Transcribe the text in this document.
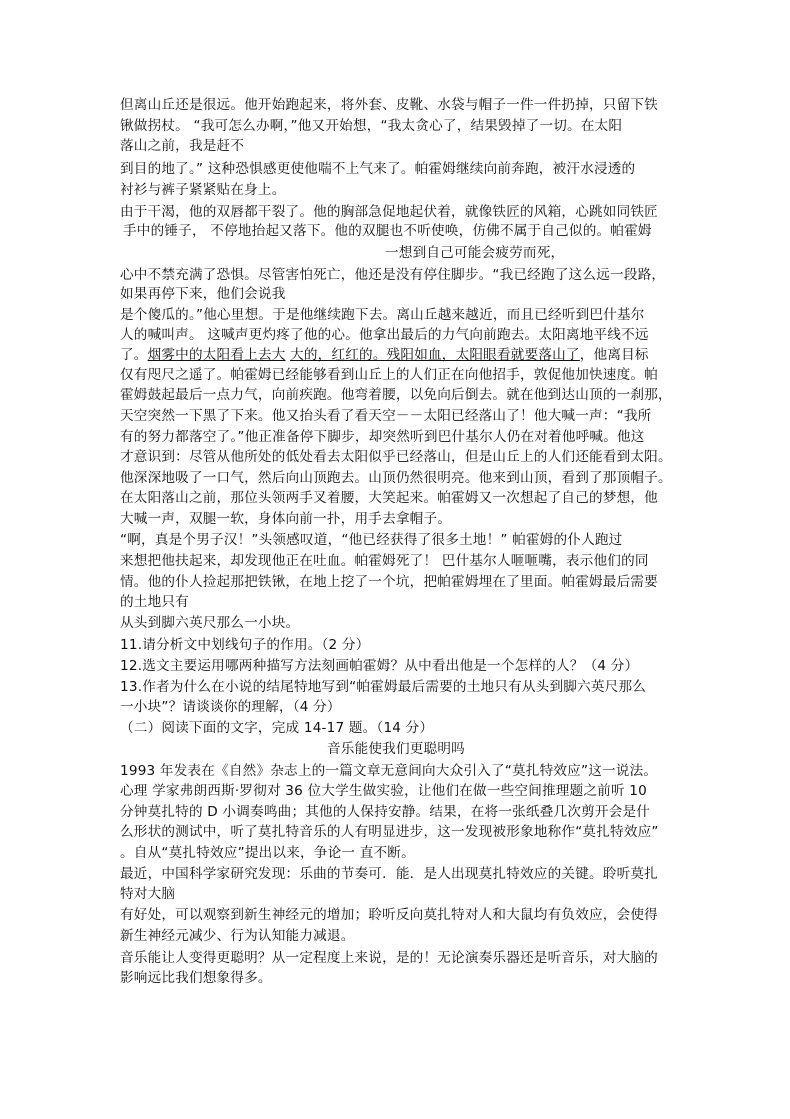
但离山丘还是很远。他开始跑起来，将外套、皮靴、水袋与帽子一件一件扔掉，只留下铁
锹做拐杖。 “我可怎么办啊，”他又开始想，“我太贪心了，结果毁掉了一切。在太阳
落山之前，我是赶不
到目的地了。” 这种恐惧感更使他喘不上气来了。帕霍姆继续向前奔跑，被汗水浸透的
衬衫与裤子紧紧贴在身上。
由于干渴，他的双唇都干裂了。他的胸部急促地起伏着，就像铁匠的风箱，心跳如同铁匠
手中的锤子， 不停地抬起又落下。他的双腿也不听使唤，仿佛不属于自己似的。帕霍姆
一想到自己可能会疲劳而死，
心中不禁充满了恐惧。尽管害怕死亡，他还是没有停住脚步。“我已经跑了这么远一段路，
如果再停下来，他们会说我
是个傻瓜的。”他心里想。于是他继续跑下去。离山丘越来越近，而且已经听到巴什基尔
人的喊叫声。 这喊声更灼疼了他的心。他拿出最后的力气向前跑去。太阳离地平线不远
了。烟雾中的太阳看上去大 大的，红红的。残阳如血，太阳眼看就要落山了，他离目标
仅有咫尺之遥了。帕霍姆已经能够看到山丘上的人们正在向他招手，敦促他加快速度。帕
霍姆鼓起最后一点力气，向前疾跑。他弯着腰，以免向后倒去。就在他到达山顶的一刹那，
天空突然一下黑了下来。他又抬头看了看天空－－太阳已经落山了！他大喊一声：“我所
有的努力都落空了。”他正准备停下脚步，却突然听到巴什基尔人仍在对着他呼喊。他这
才意识到：尽管从他所处的低处看去太阳似乎已经落山，但是山丘上的人们还能看到太阳。
他深深地吸了一口气，然后向山顶跑去。山顶仍然很明亮。他来到山顶，看到了那顶帽子。
在太阳落山之前，那位头领两手叉着腰，大笑起来。帕霍姆又一次想起了自己的梦想，他
大喊一声，双腿一软，身体向前一扑，用手去拿帽子。
“啊，真是个男子汉！”头领感叹道，“他已经获得了很多土地！” 帕霍姆的仆人跑过
来想把他扶起来，却发现他正在吐血。帕霍姆死了！ 巴什基尔人咂咂嘴，表示他们的同
情。他的仆人捡起那把铁锹，在地上挖了一个坑，把帕霍姆埋在了里面。帕霍姆最后需要
的土地只有
从头到脚六英尺那么一小块。
11.请分析文中划线句子的作用。（2 分）
12.选文主要运用哪两种描写方法刻画帕霍姆？从中看出他是一个怎样的人？（4 分）
13.作者为什么在小说的结尾特地写到“帕霍姆最后需要的土地只有从头到脚六英尺那么
一小块”？请谈谈你的理解，（4 分）
（二）阅读下面的文字，完成 14-17 题。（14 分）
音乐能使我们更聪明吗
1993 年发表在《自然》杂志上的一篇文章无意间向大众引入了“莫扎特效应”这一说法。
心理 学家弗朗西斯·罗彻对 36 位大学生做实验，让他们在做一些空间推理题之前听 10
分钟莫扎特的 D 小调奏鸣曲；其他的人保持安静。结果，在将一张纸叠几次剪开会是什
么形状的测试中，听了莫扎特音乐的人有明显进步，这一发现被形象地称作“莫扎特效应”
。自从“莫扎特效应”提出以来，争论一 直不断。
最近，中国科学家研究发现：乐曲的节奏可．能．是人出现莫扎特效应的关键。聆听莫扎
特对大脑
有好处，可以观察到新生神经元的增加；聆听反向莫扎特对人和大鼠均有负效应，会使得
新生神经元减少、行为认知能力减退。
音乐能让人变得更聪明？从一定程度上来说，是的！无论演奏乐器还是听音乐，对大脑的
影响远比我们想象得多。
